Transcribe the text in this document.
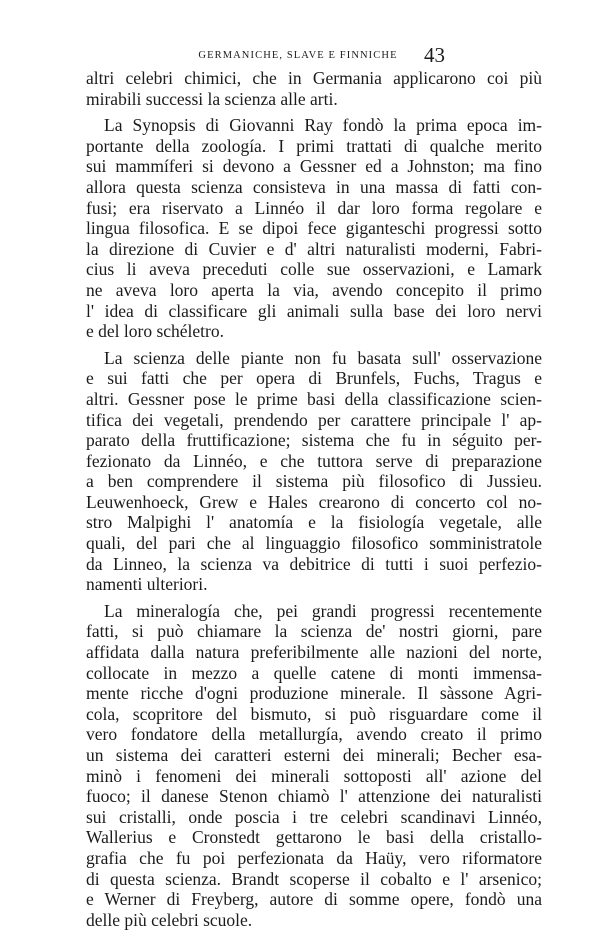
GERMANICHE, SLAVE E FINNICHE	43
altri celebri chimici, che in Germania applicarono coi più
mirabili successi la scienza alle arti.
La Synopsis di Giovanni Ray fondò la prima epoca im-
portante della zoología. I primi trattati di qualche merito
sui mammíferi si devono a Gessner ed a Johnston; ma fino
allora questa scienza consisteva in una massa di fatti con-
fusi; era riservato a Linnéo il dar loro forma regolare e
lingua filosofica. E se dipoi fece giganteschi progressi sotto
la direzione di Cuvier e d' altri naturalisti moderni, Fabri-
cius li aveva preceduti colle sue osservazioni, e Lamark
ne aveva loro aperta la via, avendo concepito il primo
l' idea di classificare gli animali sulla base dei loro nervi
e del loro schéletro.
La scienza delle piante non fu basata sull' osservazione
e sui fatti che per opera di Brunfels, Fuchs, Tragus e
altri. Gessner pose le prime basi della classificazione scien-
tifica dei vegetali, prendendo per carattere principale l' ap-
parato della fruttificazione; sistema che fu in séguito per-
fezionato da Linnéo, e che tuttora serve di preparazione
a ben comprendere il sistema più filosofico di Jussieu.
Leuwenhoeck, Grew e Hales crearono di concerto col no-
stro Malpighi l' anatomía e la fisiología vegetale, alle
quali, del pari che al linguaggio filosofico somministratole
da Linneo, la scienza va debitrice di tutti i suoi perfezio-
namenti ulteriori.
La mineralogía che, pei grandi progressi recentemente
fatti, si può chiamare la scienza de' nostri giorni, pare
affidata dalla natura preferibilmente alle nazioni del norte,
collocate in mezzo a quelle catene di monti immensa-
mente ricche d'ogni produzione minerale. Il sàssone Agri-
cola, scopritore del bismuto, si può risguardare come il
vero fondatore della metallurgía, avendo creato il primo
un sistema dei caratteri esterni dei minerali; Becher esa-
minò i fenomeni dei minerali sottoposti all' azione del
fuoco; il danese Stenon chiamò l' attenzione dei naturalisti
sui cristalli, onde poscia i tre celebri scandinavi Linnéo,
Wallerius e Cronstedt gettarono le basi della cristallo-
grafia che fu poi perfezionata da Haüy, vero riformatore
di questa scienza. Brandt scoperse il cobalto e l' arsenico;
e Werner di Freyberg, autore di somme opere, fondò una
delle più celebri scuole.
